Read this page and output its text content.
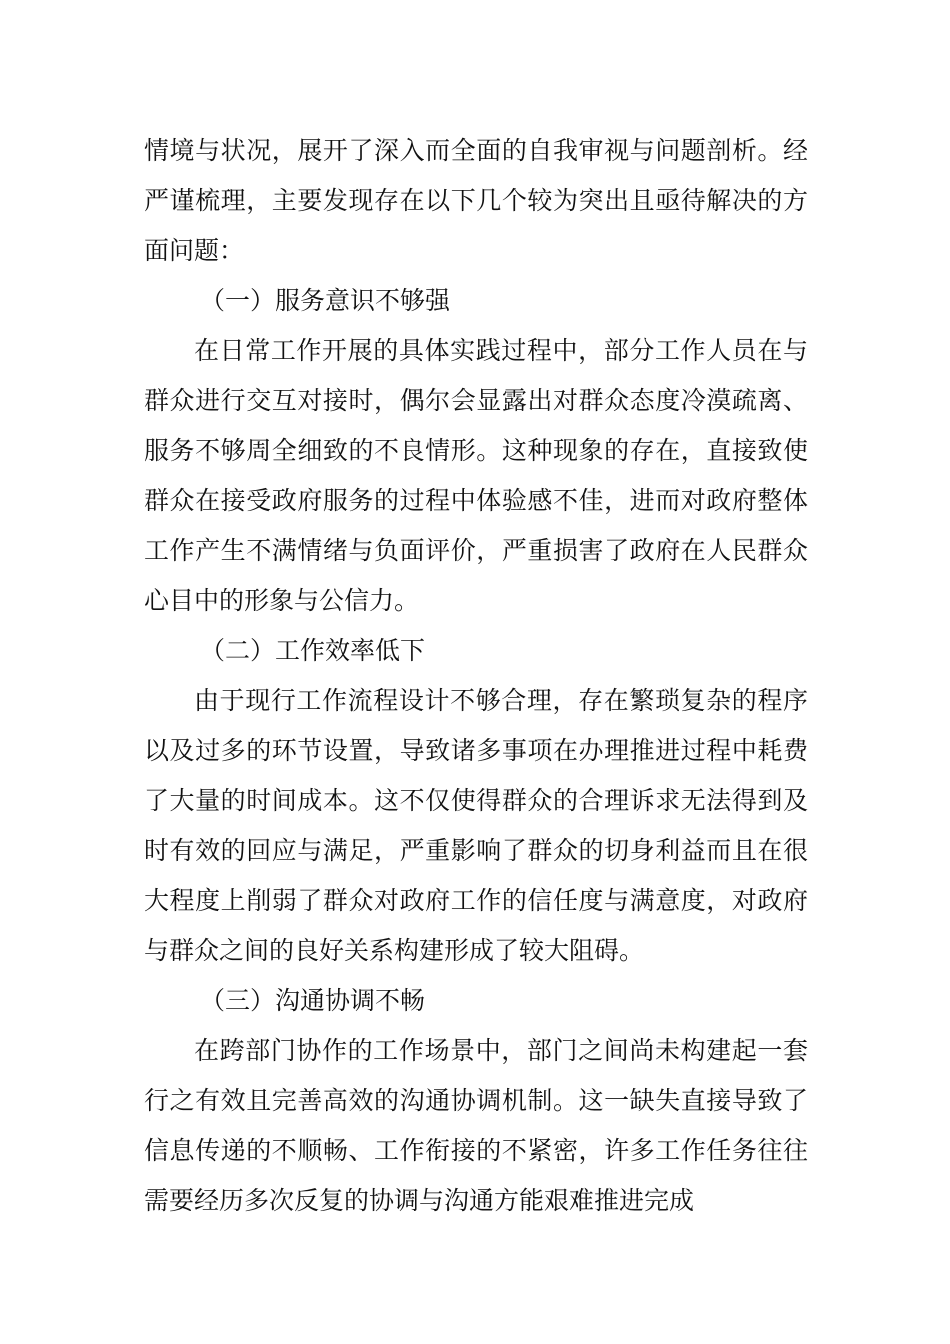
情境与状况，展开了深入而全面的自我审视与问题剖析。经严谨梳理，主要发现存在以下几个较为突出且亟待解决的方面问题：

（一）服务意识不够强

在日常工作开展的具体实践过程中，部分工作人员在与群众进行交互对接时，偶尔会显露出对群众态度冷漠疏离、服务不够周全细致的不良情形。这种现象的存在，直接致使群众在接受政府服务的过程中体验感不佳，进而对政府整体工作产生不满情绪与负面评价，严重损害了政府在人民群众心目中的形象与公信力。

（二）工作效率低下

由于现行工作流程设计不够合理，存在繁琐复杂的程序以及过多的环节设置，导致诸多事项在办理推进过程中耗费了大量的时间成本。这不仅使得群众的合理诉求无法得到及时有效的回应与满足，严重影响了群众的切身利益而且在很大程度上削弱了群众对政府工作的信任度与满意度，对政府与群众之间的良好关系构建形成了较大阻碍。

（三）沟通协调不畅

在跨部门协作的工作场景中，部门之间尚未构建起一套行之有效且完善高效的沟通协调机制。这一缺失直接导致了信息传递的不顺畅、工作衔接的不紧密，许多工作任务往往需要经历多次反复的协调与沟通方能艰难推进完成
